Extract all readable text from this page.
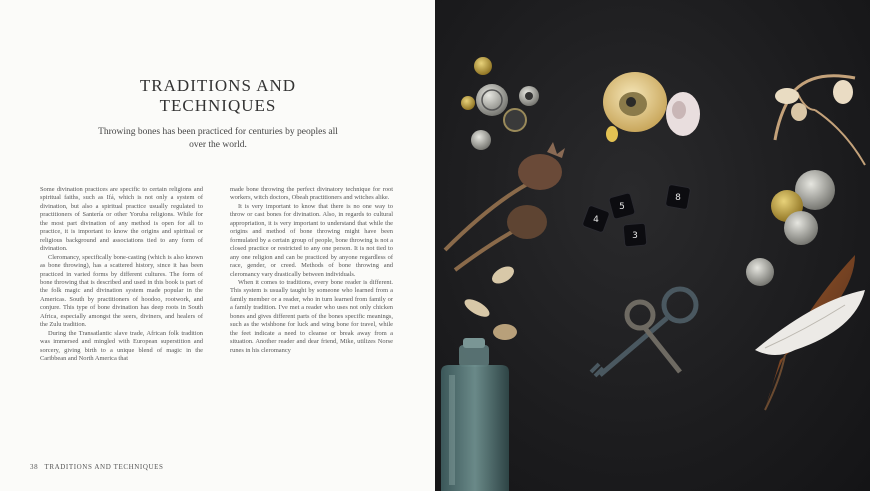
TRADITIONS AND
TECHNIQUES

Throwing bones has been practiced for centuries by peoples all over the world.

Some divination practices are specific to certain religions and spiritual faiths, such as Ifá, which is not only a system of divination, but also a spiritual practice usually regulated to practitioners of Santería or other Yoruba religions. While for the most part divination of any method is open for all to practice, it is important to know the origins and spiritual or religious background and associations tied to any form of divination.

Cleromancy, specifically bone-casting (which is also known as bone throwing), has a scattered history, since it has been practiced in varied forms by different cultures. The form of bone throwing that is described and used in this book is part of the folk magic and divination system made popular in the Americas. South by practitioners of hoodoo, rootwork, and conjure. This type of bone divination has deep roots in South Africa, especially amongst the seers, diviners, and healers of the Zulu tradition.

During the Transatlantic slave trade, African folk tradition was immersed and mingled with European superstition and sorcery, giving birth to a unique blend of magic in the Caribbean and North America that

made bone throwing the perfect divinatory technique for root workers, witch doctors, Obeah practitioners and witches alike.

It is very important to know that there is no one way to throw or cast bones for divination. Also, in regards to cultural appropriation, it is very important to understand that while the origins and method of bone throwing might have been formulated by a certain group of people, bone throwing is not a closed practice or restricted to any one person. It is not tied to any one religion and can be practiced by anyone regardless of race, gender, or creed. Methods of bone throwing and cleromancy vary drastically between individuals.

When it comes to traditions, every bone reader is different. This system is usually taught by someone who learned from a family member or a reader, who in turn learned from family or a family tradition. I've met a reader who uses not only chicken bones and gives different parts of the bones specific meanings, such as the wishbone for luck and wing bone for travel, while the feet indicate a need to cleanse or break away from a situation. Another reader and dear friend, Mike, utilizes Norse runes in his cleromancy

38 TRADITIONS AND TECHNIQUES
5
8
4
3
